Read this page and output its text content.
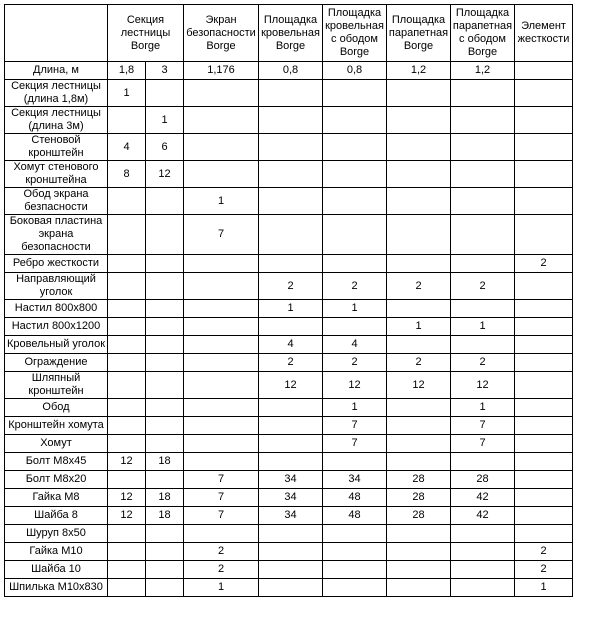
	Секция лестницы Borge		Экран безопасности Borge	Площадка кровельная Borge	Площадка кровельная с ободом Borge	Площадка парапетная Borge	Площадка парапетная с ободом Borge	Элемент жесткости
Длина, м	1,8	3	1,176	0,8	0,8	1,2	1,2	
Секция лестницы (длина 1,8м)	1							
Секция лестницы (длина 3м)		1						
Стеновой кронштейн	4	6						
Хомут стенового кронштейна	8	12						
Обод экрана безпасности			1					
Боковая пластина экрана безопасности			7					
Ребро жесткости								2
Направляющий уголок				2	2	2	2	
Настил 800x800				1	1			
Настил 800x1200						1	1	
Кровельный уголок				4	4			
Ограждение				2	2	2	2	
Шляпный кронштейн				12	12	12	12	
Обод					1		1	
Кронштейн хомута					7		7	
Хомут					7		7	
Болт M8x45	12	18						
Болт M8x20			7	34	34	28	28	
Гайка M8	12	18	7	34	48	28	42	
Шайба 8	12	18	7	34	48	28	42	
Шуруп 8x50								
Гайка M10			2					2
Шайба 10			2					2
Шпилька M10x830			1					1
